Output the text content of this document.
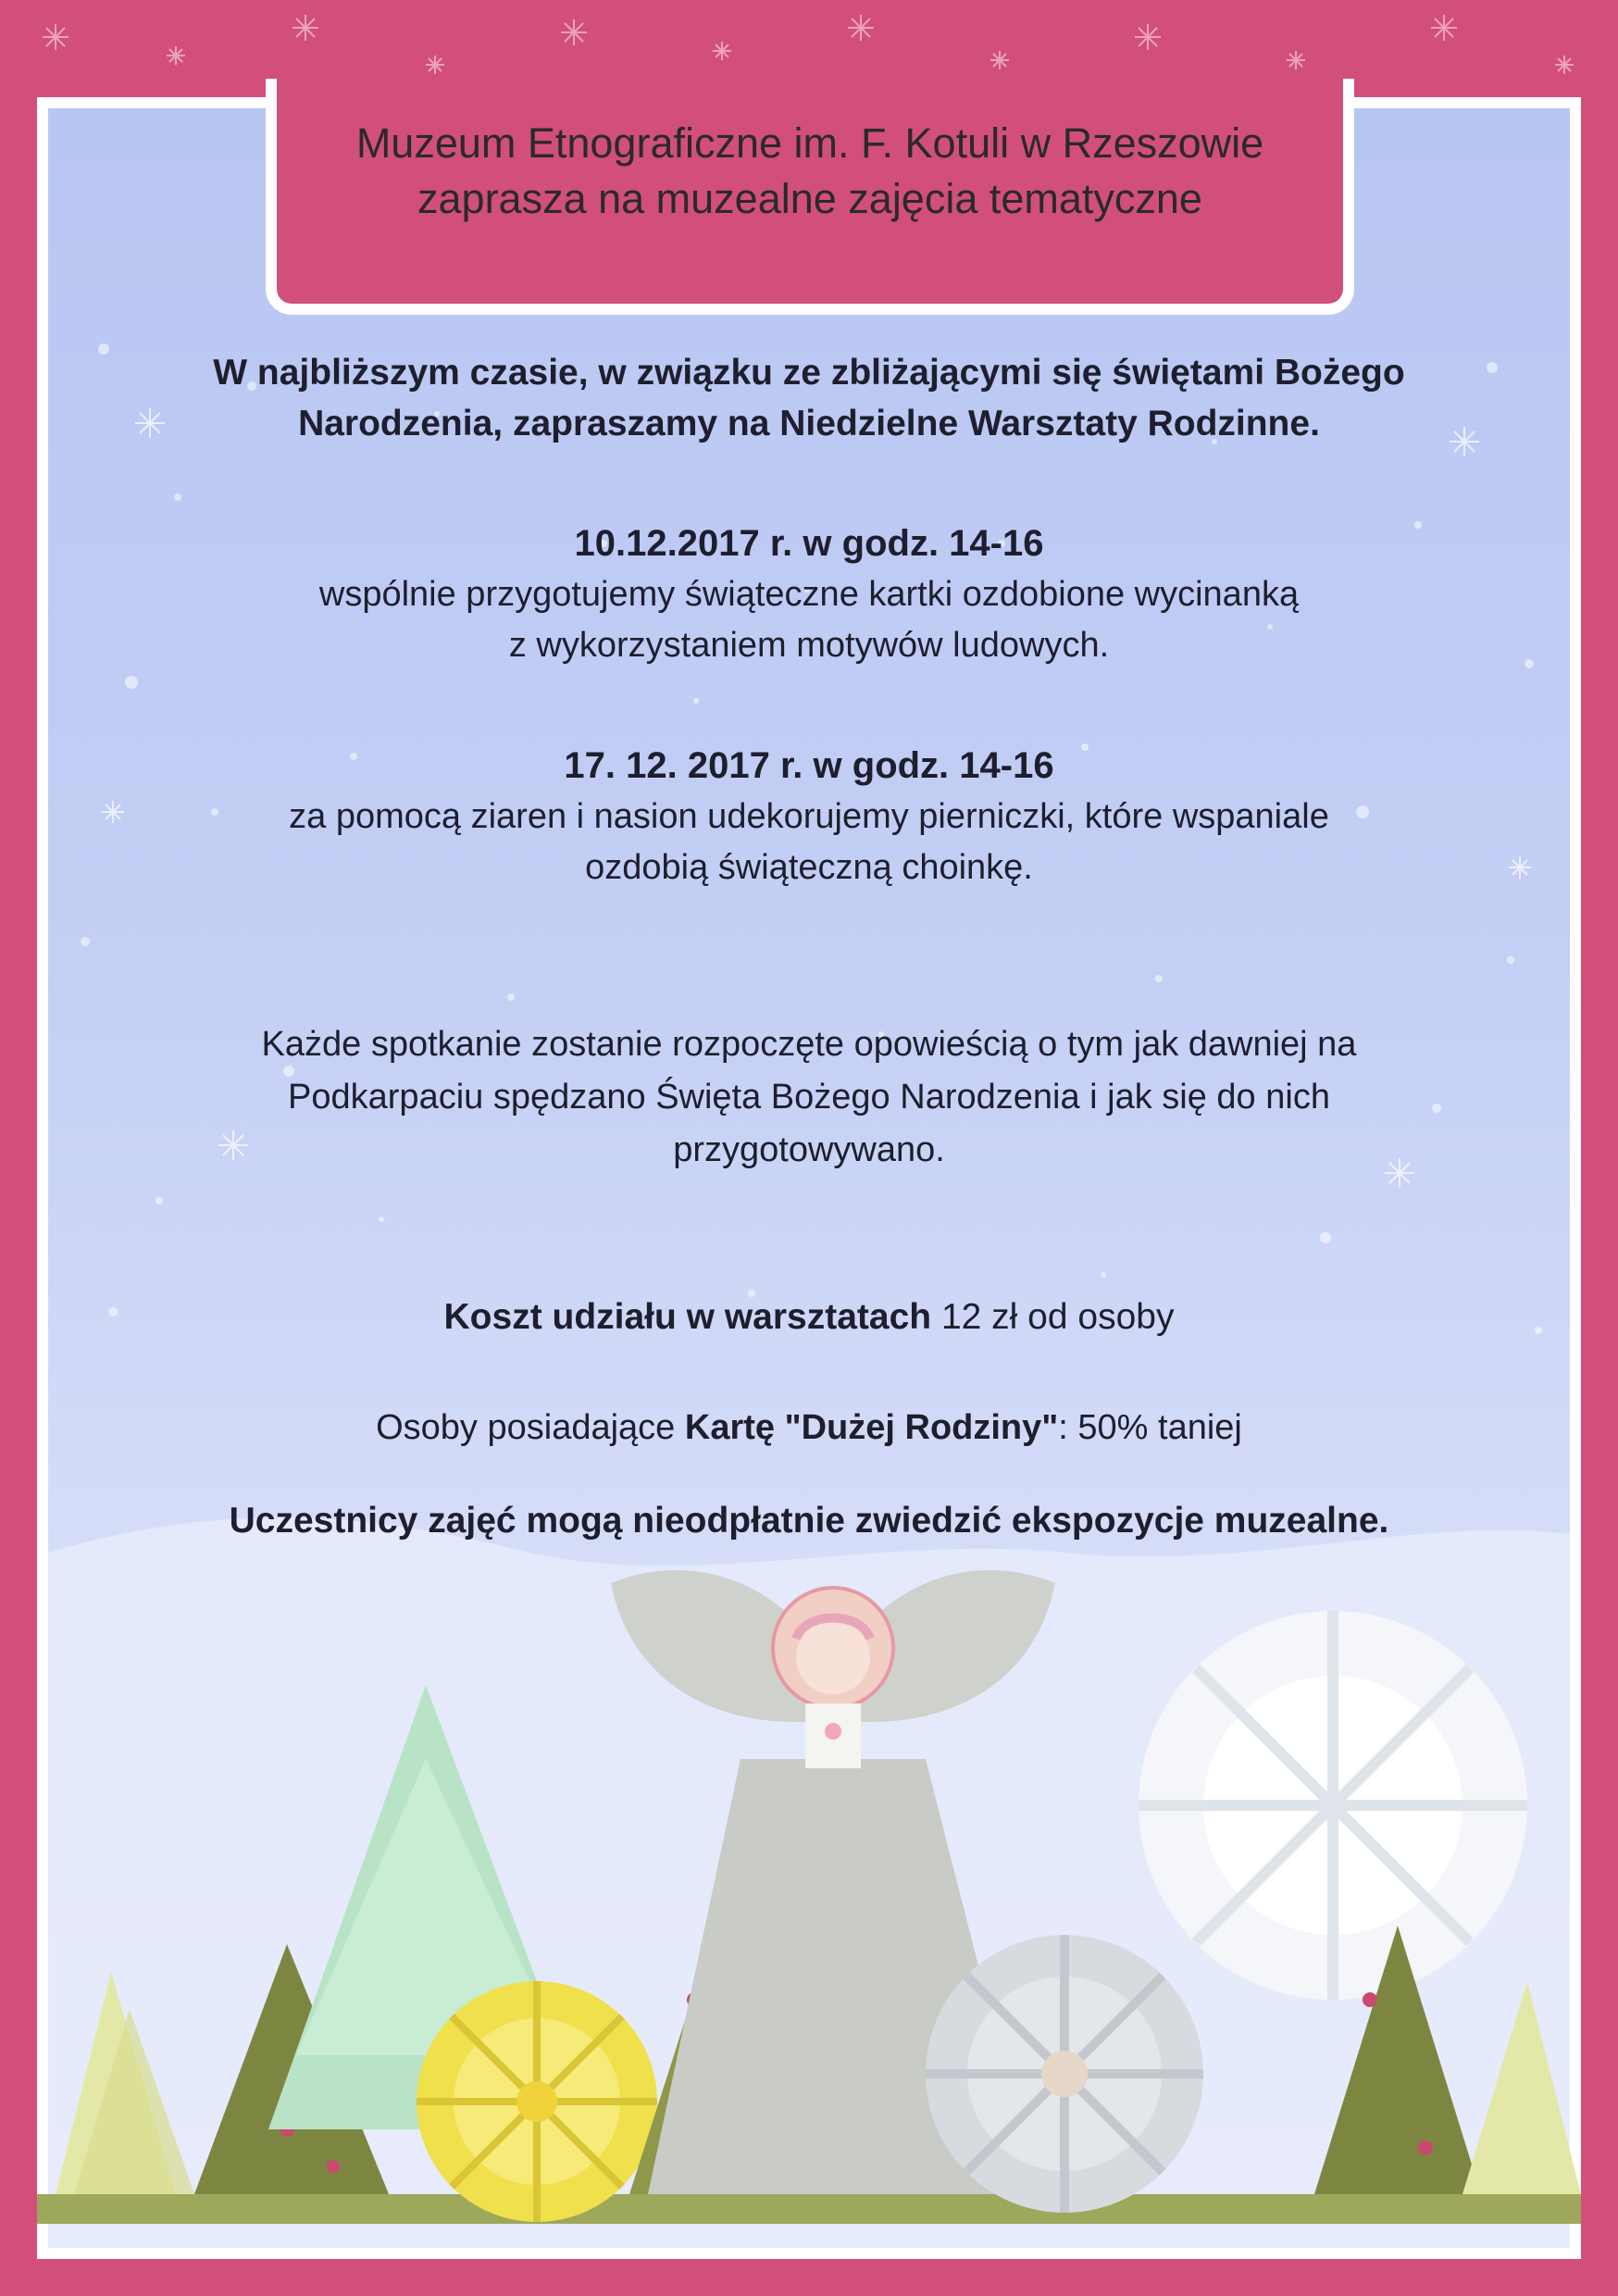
Muzeum Etnograficzne im. F. Kotuli w Rzeszowie
zaprasza na muzealne zajęcia tematyczne
W najbliższym czasie, w związku ze zbliżającymi się świętami Bożego
Narodzenia, zapraszamy na Niedzielne Warsztaty Rodzinne.
10.12.2017 r. w godz. 14-16
wspólnie przygotujemy świąteczne kartki ozdobione wycinanką
z wykorzystaniem motywów ludowych.
17. 12. 2017 r. w godz. 14-16
za pomocą ziaren i nasion udekorujemy pierniczki, które wspaniale
ozdobią świąteczną choinkę.
Każde spotkanie zostanie rozpoczęte opowieścią o tym jak dawniej na
Podkarpaciu spędzano Święta Bożego Narodzenia i jak się do nich
przygotowywano.
Koszt udziału w warsztatach 12 zł od osoby
Osoby posiadające Kartę "Dużej Rodziny": 50% taniej
Uczestnicy zajęć mogą nieodpłatnie zwiedzić ekspozycje muzealne.
